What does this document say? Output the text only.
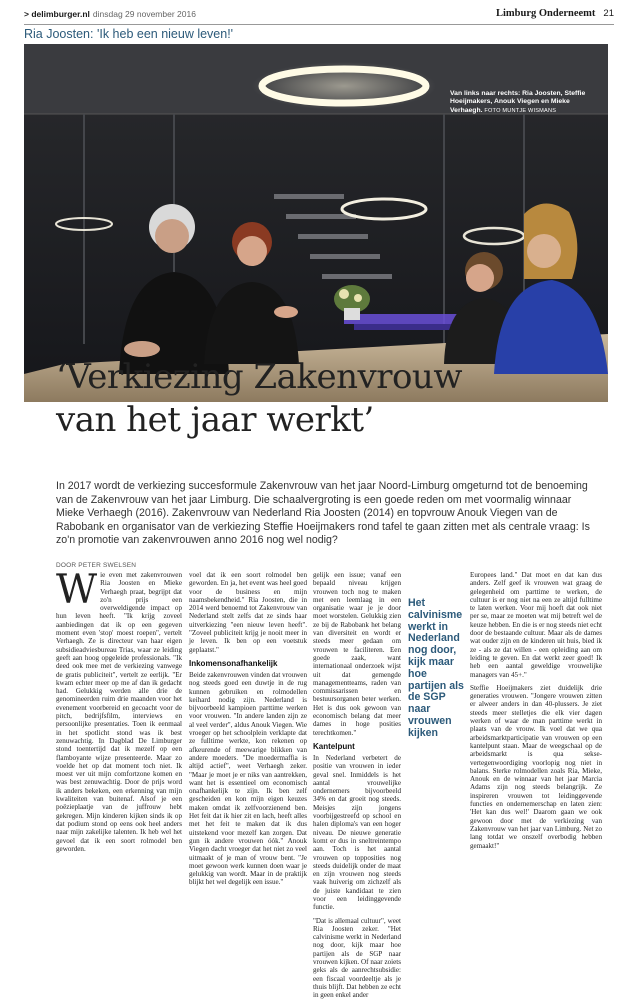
> delimburger.nl dinsdag 29 november 2016	Limburg Onderneemt 21
Ria Joosten: 'Ik heb een nieuw leven!'
Van links naar rechts: Ria Joosten, Steffie Hoeijmakers, Anouk Viegen en Mieke Verhaegh. FOTO MUNTJE WISMANS
‘Verkiezing Zakenvrouw
van het jaar werkt’
In 2017 wordt de verkiezing succesformule Zakenvrouw van het jaar Noord-Limburg omgeturnd tot de benoeming van de Zakenvrouw van het jaar Limburg. Die schaalvergroting is een goede reden om met voormalig winnaar Mieke Verhaegh (2016). Zakenvrouw van Nederland Ria Joosten (2014) en topvrouw Anouk Viegen van de Rabobank en organisator van de verkiezing Steffie Hoeijmakers rond tafel te gaan zitten met als centrale vraag: Is zo'n promotie van zakenvrouwen anno 2016 nog wel nodig?
DOOR PETER SWELSEN

Wie even met zakenvrouwen Ria Joosten en Mieke Verhaegh praat, begrijpt dat zo'n prijs een overweldigende impact op hun leven heeft. "Ik krijg zoveel aanbiedingen dat ik op een gegeven moment even 'stop' moest roepen", vertelt Verhaegh. Ze is directeur van haar eigen subsidieadviesbureau Trias, waar ze leiding geeft aan hoog opgeleide professionals. "Ik deed ook mee met de verkiezing vanwege de gratis publiciteit", vertelt ze eerlijk. "Er kwam echter meer op me af dan ik gedacht had. Gelukkig werden alle drie de genomineerden ruim drie maanden voor het evenement voorbereid en gecoacht voor de pitch, bedrijfsfilm, interviews en persoonlijke presentaties. Toen ik eenmaal in het spotlicht stond was ik best zenuwachtig. In Dagblad De Limburger stond toentertijd dat ik mezelf op een flamboyante wijze presenteerde. Maar zo voelde het op dat moment toch niet. Ik moest ver uit mijn comfortzone komen en was best zenuwachtig. Door de prijs word ik anders bekeken, een erkenning van mijn kwaliteiten van buitenaf. Alsof je een poëzieplaatje van de juffrouw hebt gekregen. Mijn kinderen kijken sinds ik op dat podium stond op eens ook heel anders naar mijn zakelijke talenten. Ik heb wel het gevoel dat ik een soort rolmodel ben geworden.

voel dat ik een soort rolmodel ben geworden. En ja, het event was heel goed voor de business en mijn naamsbekendheid." Ria Joosten, die in 2014 werd benoemd tot Zakenvrouw van Nederland stelt zelfs dat ze sinds haar uitverkiezing "een nieuw leven heeft". "Zoveel publiciteit krijg je nooit meer in je leven. Ik ben op een voetstuk geplaatst."

Inkomensonafhankelijk

Beide zakenvrouwen vinden dat vrouwen nog steeds goed een duwtje in de rug kunnen gebruiken en rolmodellen keihard nodig zijn. Nederland is bijvoorbeeld kampioen parttime werken voor vrouwen. "In andere landen zijn ze al veel verder", aldus Anouk Viegen. Wie vroeger op het schoolplein verklapte dat ze fulltime werkte, kon rekenen op afkeurende of meewarige blikken van andere moeders. "De moedermaffia is altijd actief", weet Verhaegh zeker. "Maar je moet je er niks van aantrekken, want het is essentieel om economisch onafhankelijk te zijn. Ik ben zelf gescheiden en kon mijn eigen keuzes maken omdat ik zelfvoorzienend ben. Het feit dat ik hier zit en lach, heeft alles met het feit te maken dat ik dus uitstekend voor mezelf kan zorgen. Dat gun ik andere vrouwen óók." Anouk Viegen dacht vroeger dat het niet zo veel uitmaakt of je man of vrouw bent. "Je moet gewoon werk kunnen doen waar je gelukkig van wordt. Maar in de praktijk blijkt het wel degelijk een issue."

gelijk een issue; vanaf een bepaald niveau krijgen vrouwen toch nog te maken met een leemlaag in een organisatie waar je je door moet worstelen. Gelukkig zien ze bij de Rabobank het belang van diversiteit en wordt er steeds meer gedaan om vrouwen te faciliteren. Een goede zaak, want internationaal onderzoek wijst uit dat gemengde managementteams, raden van commissarissen en bestuursorganen beter werken. Het is dus ook gewoon van economisch belang dat meer dames in hoge posities terechtkomen."

Kantelpunt

In Nederland verbetert de positie van vrouwen in ieder geval snel. Inmiddels is het aantal vrouwelijke ondernemers bijvoorbeeld 34% en dat groeit nog steeds. Meisjes zijn jongens voorbijgestreefd op school en halen diploma's van een hoger niveau. De nieuwe generatie komt er dus in sneltreintempo aan. Toch is het aantal vrouwen op topposities nog steeds duidelijk onder de maat en zijn vrouwen nog steeds vaak huiverig om zichzelf als de juiste kandidaat te zien voor een leidinggevende functie.

"Dat is allemaal cultuur", weet Ria Joosten zeker. "Het calvinisme werkt in Nederland nog door, kijk maar hoe partijen als de SGP naar vrouwen kijken. Of naar zoiets geks als de aanrechtsubsidie: een fiscaal voordeeltje als je thuis blijft. Dat hebben ze echt in geen enkel ander

Het calvinisme werkt in Nederland nog door, kijk maar hoe partijen als de SGP naar vrouwen kijken

Europees land." Dat moet en dat kan dus anders. Zelf geef ik vrouwen wat graag de gelegenheid om parttime te werken, de cultuur is er nog niet na een ze altijd fulltime te laten werken. Voor mij hoeft dat ook niet per se, maar ze moeten wat mij betreft wel de keuze hebben. En die is er nog steeds niet echt door de bestaande cultuur. Maar als de dames wat ouder zijn en de kinderen uit huis, bied ik ze - als ze dat willen - een opleiding aan om leiding te geven. En dat werkt zeer goed! Ik heb een aantal geweldige vrouwelijke managers van 45+."

Steffie Hoeijmakers ziet duidelijk drie generaties vrouwen. "Jongere vrouwen zitten er alweer anders in dan 40-plussers. Je ziet steeds meer stelletjes die elk vier dagen werken of waar de man parttime werkt in plaats van de vrouw. Ik voel dat we qua arbeidsmarktparticipatie van vrouwen op een kantelpunt staan. Maar de weegschaal op de arbeidsmarkt is qua sekse-vertegenwoordiging voorlopig nog niet in balans. Sterke rolmodellen zoals Ria, Mieke, Anouk en de winnaar van het jaar Marcia Adams zijn nog steeds belangrijk. Ze inspireren vrouwen tot leidinggevende functies en ondernemerschap en laten zien: 'Het kan dus wel!' Daarom gaan we ook gewoon door met de verkiezing van Zakenvrouw van het jaar van Limburg. Net zo lang totdat we onszelf overbodig hebben gemaakt!"
